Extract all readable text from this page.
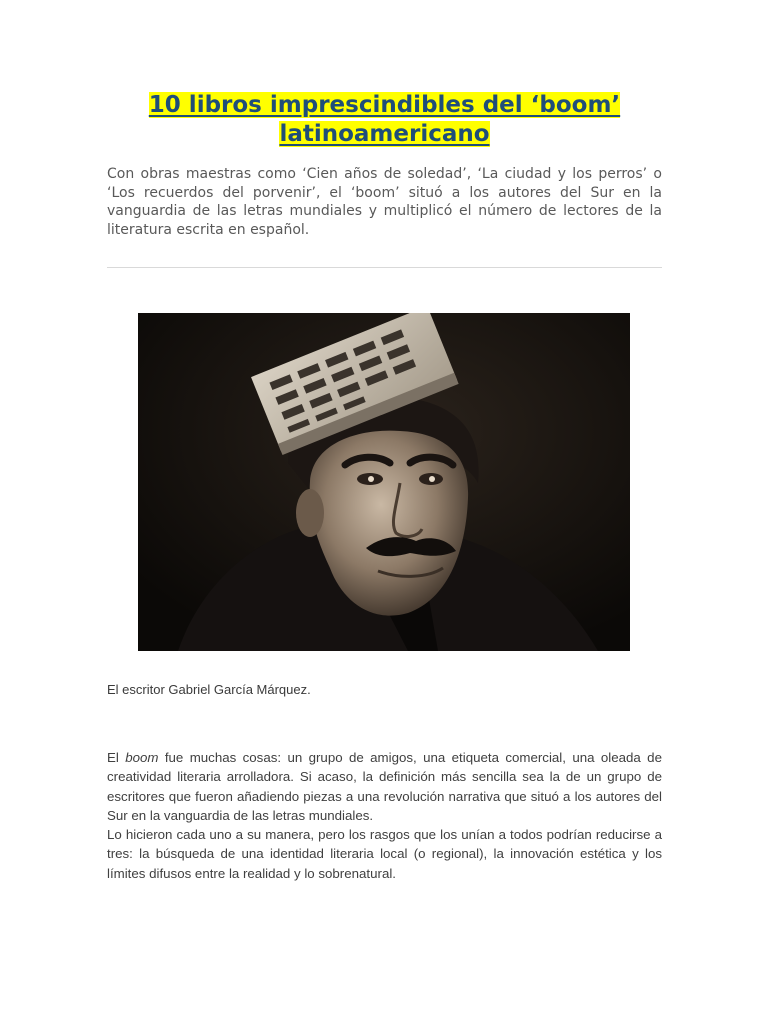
10 libros imprescindibles del ‘boom’
latinoamericano

Con obras maestras como ‘Cien años de soledad’, ‘La ciudad y los perros’ o ‘Los recuerdos del porvenir’, el ‘boom’ situó a los autores del Sur en la vanguardia de las letras mundiales y multiplicó el número de lectores de la literatura escrita en español.

El escritor Gabriel García Márquez.

El boom fue muchas cosas: un grupo de amigos, una etiqueta comercial, una oleada de creatividad literaria arrolladora. Si acaso, la definición más sencilla sea la de un grupo de escritores que fueron añadiendo piezas a una revolución narrativa que situó a los autores del Sur en la vanguardia de las letras mundiales.

Lo hicieron cada uno a su manera, pero los rasgos que los unían a todos podrían reducirse a tres: la búsqueda de una identidad literaria local (o regional), la innovación estética y los límites difusos entre la realidad y lo sobrenatural.
